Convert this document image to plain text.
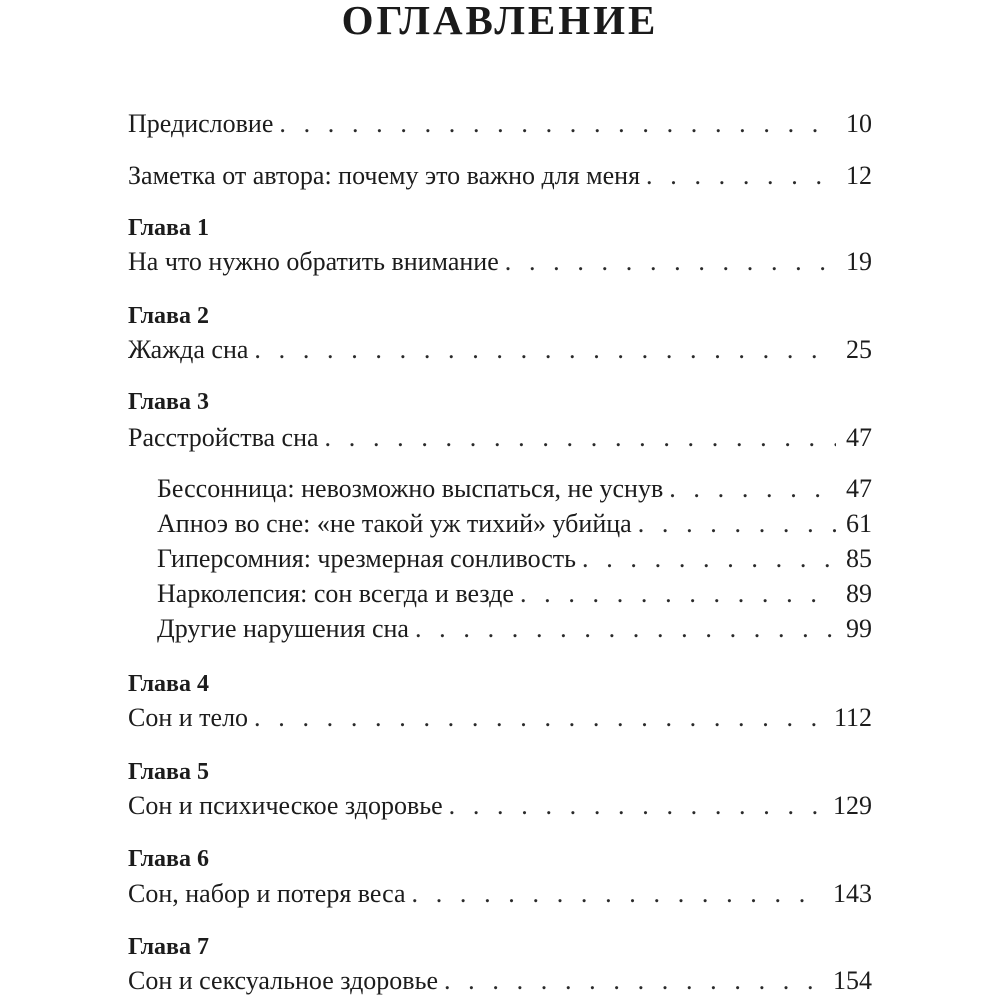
ОГЛАВЛЕНИЕ
Предисловие . . .	10
Заметка от автора: почему это важно для меня . . .	12
Глава 1
На что нужно обратить внимание . . .	19
Глава 2
Жажда сна . . .	25
Глава 3
Расстройства сна . . .	47
Бессонница: невозможно выспаться, не уснув . . .	47
Апноэ во сне: «не такой уж тихий» убийца . . .	61
Гиперсомния: чрезмерная сонливость . . .	85
Нарколепсия: сон всегда и везде . . .	89
Другие нарушения сна . . .	99
Глава 4
Сон и тело . . .	112
Глава 5
Сон и психическое здоровье . . .	129
Глава 6
Сон, набор и потеря веса . . .	143
Глава 7
Сон и сексуальное здоровье . . .	154
